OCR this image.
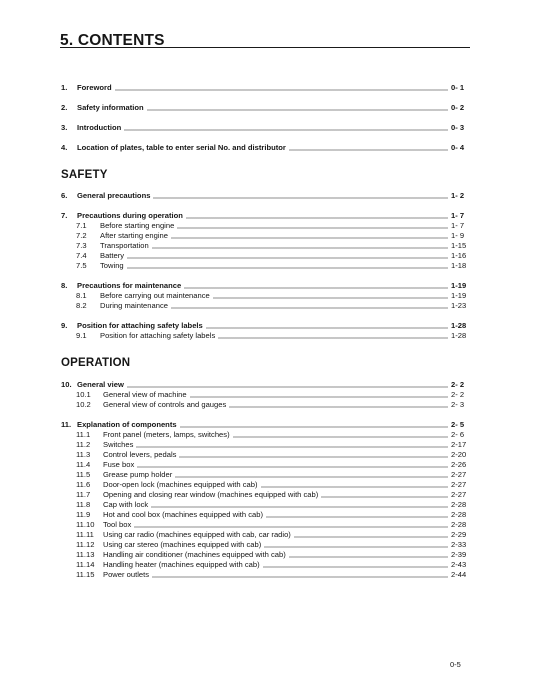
5. CONTENTS
1.	Foreword	0- 1
2.	Safety information	0- 2
3.	Introduction	0- 3
4.	Location of plates, table to enter serial No. and distributor	0- 4
SAFETY
6.	General precautions	1- 2
7.	Precautions during operation	1- 7
7.1	Before starting engine	1- 7
7.2	After starting engine	1- 9
7.3	Transportation	1-15
7.4	Battery	1-16
7.5	Towing	1-18
8.	Precautions for maintenance	1-19
8.1	Before carrying out maintenance	1-19
8.2	During maintenance	1-23
9.	Position for attaching safety labels	1-28
9.1	Position for attaching safety labels	1-28
OPERATION
10. General view	2- 2
10.1	General view of machine	2- 2
10.2	General view of controls and gauges	2- 3
11. Explanation of components	2- 5
11.1	Front panel (meters, lamps, switches)	2- 6
11.2	Switches	2-17
11.3	Control levers, pedals	2-20
11.4	Fuse box	2-26
11.5	Grease pump holder	2-27
11.6	Door-open lock (machines equipped with cab)	2-27
11.7	Opening and closing rear window (machines equipped with cab)	2-27
11.8	Cap with lock	2-28
11.9	Hot and cool box (machines equipped with cab)	2-28
11.10	Tool box	2-28
11.11	Using car radio (machines equipped with cab, car radio)	2-29
11.12	Using car stereo (machines equipped with cab)	2-33
11.13	Handling air conditioner (machines equipped with cab)	2-39
11.14	Handling heater (machines equipped with cab)	2-43
11.15	Power outlets	2-44
0-5
